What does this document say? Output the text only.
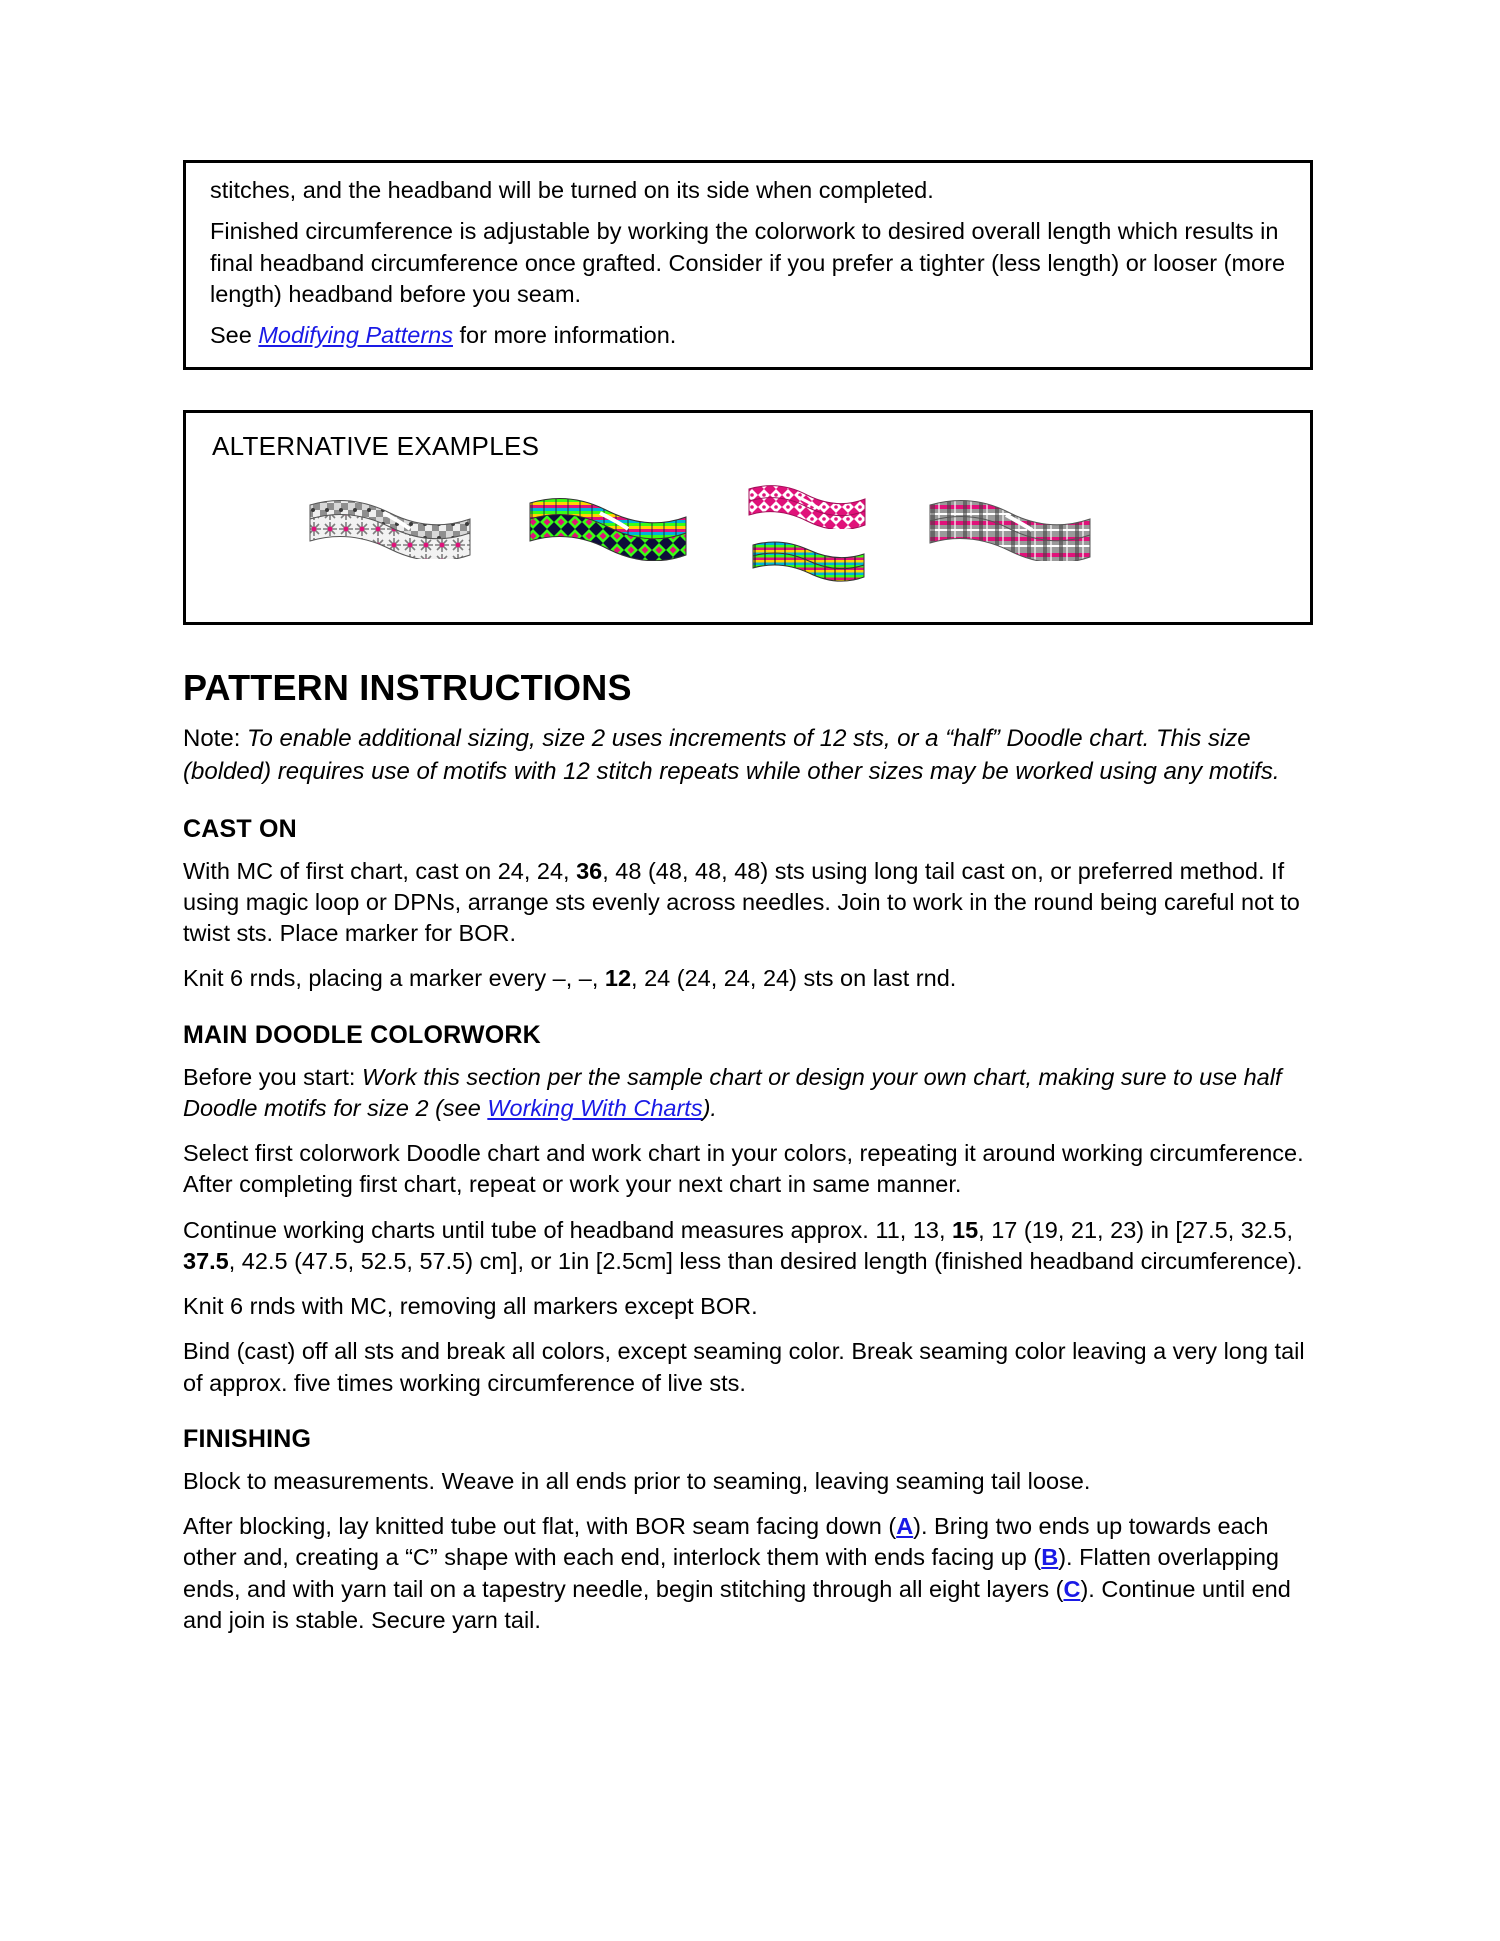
stitches, and the headband will be turned on its side when completed.

Finished circumference is adjustable by working the colorwork to desired overall length which results in final headband circumference once grafted. Consider if you prefer a tighter (less length) or looser (more length) headband before you seam.

See Modifying Patterns for more information.

ALTERNATIVE EXAMPLES
PATTERN INSTRUCTIONS

Note: To enable additional sizing, size 2 uses increments of 12 sts, or a “half” Doodle chart. This size (bolded) requires use of motifs with 12 stitch repeats while other sizes may be worked using any motifs.

CAST ON

With MC of first chart, cast on 24, 24, 36, 48 (48, 48, 48) sts using long tail cast on, or preferred method. If using magic loop or DPNs, arrange sts evenly across needles. Join to work in the round being careful not to twist sts. Place marker for BOR.

Knit 6 rnds, placing a marker every –, –, 12, 24 (24, 24, 24) sts on last rnd.

MAIN DOODLE COLORWORK

Before you start: Work this section per the sample chart or design your own chart, making sure to use half Doodle motifs for size 2 (see Working With Charts).

Select first colorwork Doodle chart and work chart in your colors, repeating it around working circumference. After completing first chart, repeat or work your next chart in same manner.

Continue working charts until tube of headband measures approx. 11, 13, 15, 17 (19, 21, 23) in [27.5, 32.5, 37.5, 42.5 (47.5, 52.5, 57.5) cm], or 1in [2.5cm] less than desired length (finished headband circumference).

Knit 6 rnds with MC, removing all markers except BOR.

Bind (cast) off all sts and break all colors, except seaming color. Break seaming color leaving a very long tail of approx. five times working circumference of live sts.

FINISHING

Block to measurements. Weave in all ends prior to seaming, leaving seaming tail loose.

After blocking, lay knitted tube out flat, with BOR seam facing down (A). Bring two ends up towards each other and, creating a “C” shape with each end, interlock them with ends facing up (B). Flatten overlapping ends, and with yarn tail on a tapestry needle, begin stitching through all eight layers (C). Continue until end and join is stable. Secure yarn tail.
